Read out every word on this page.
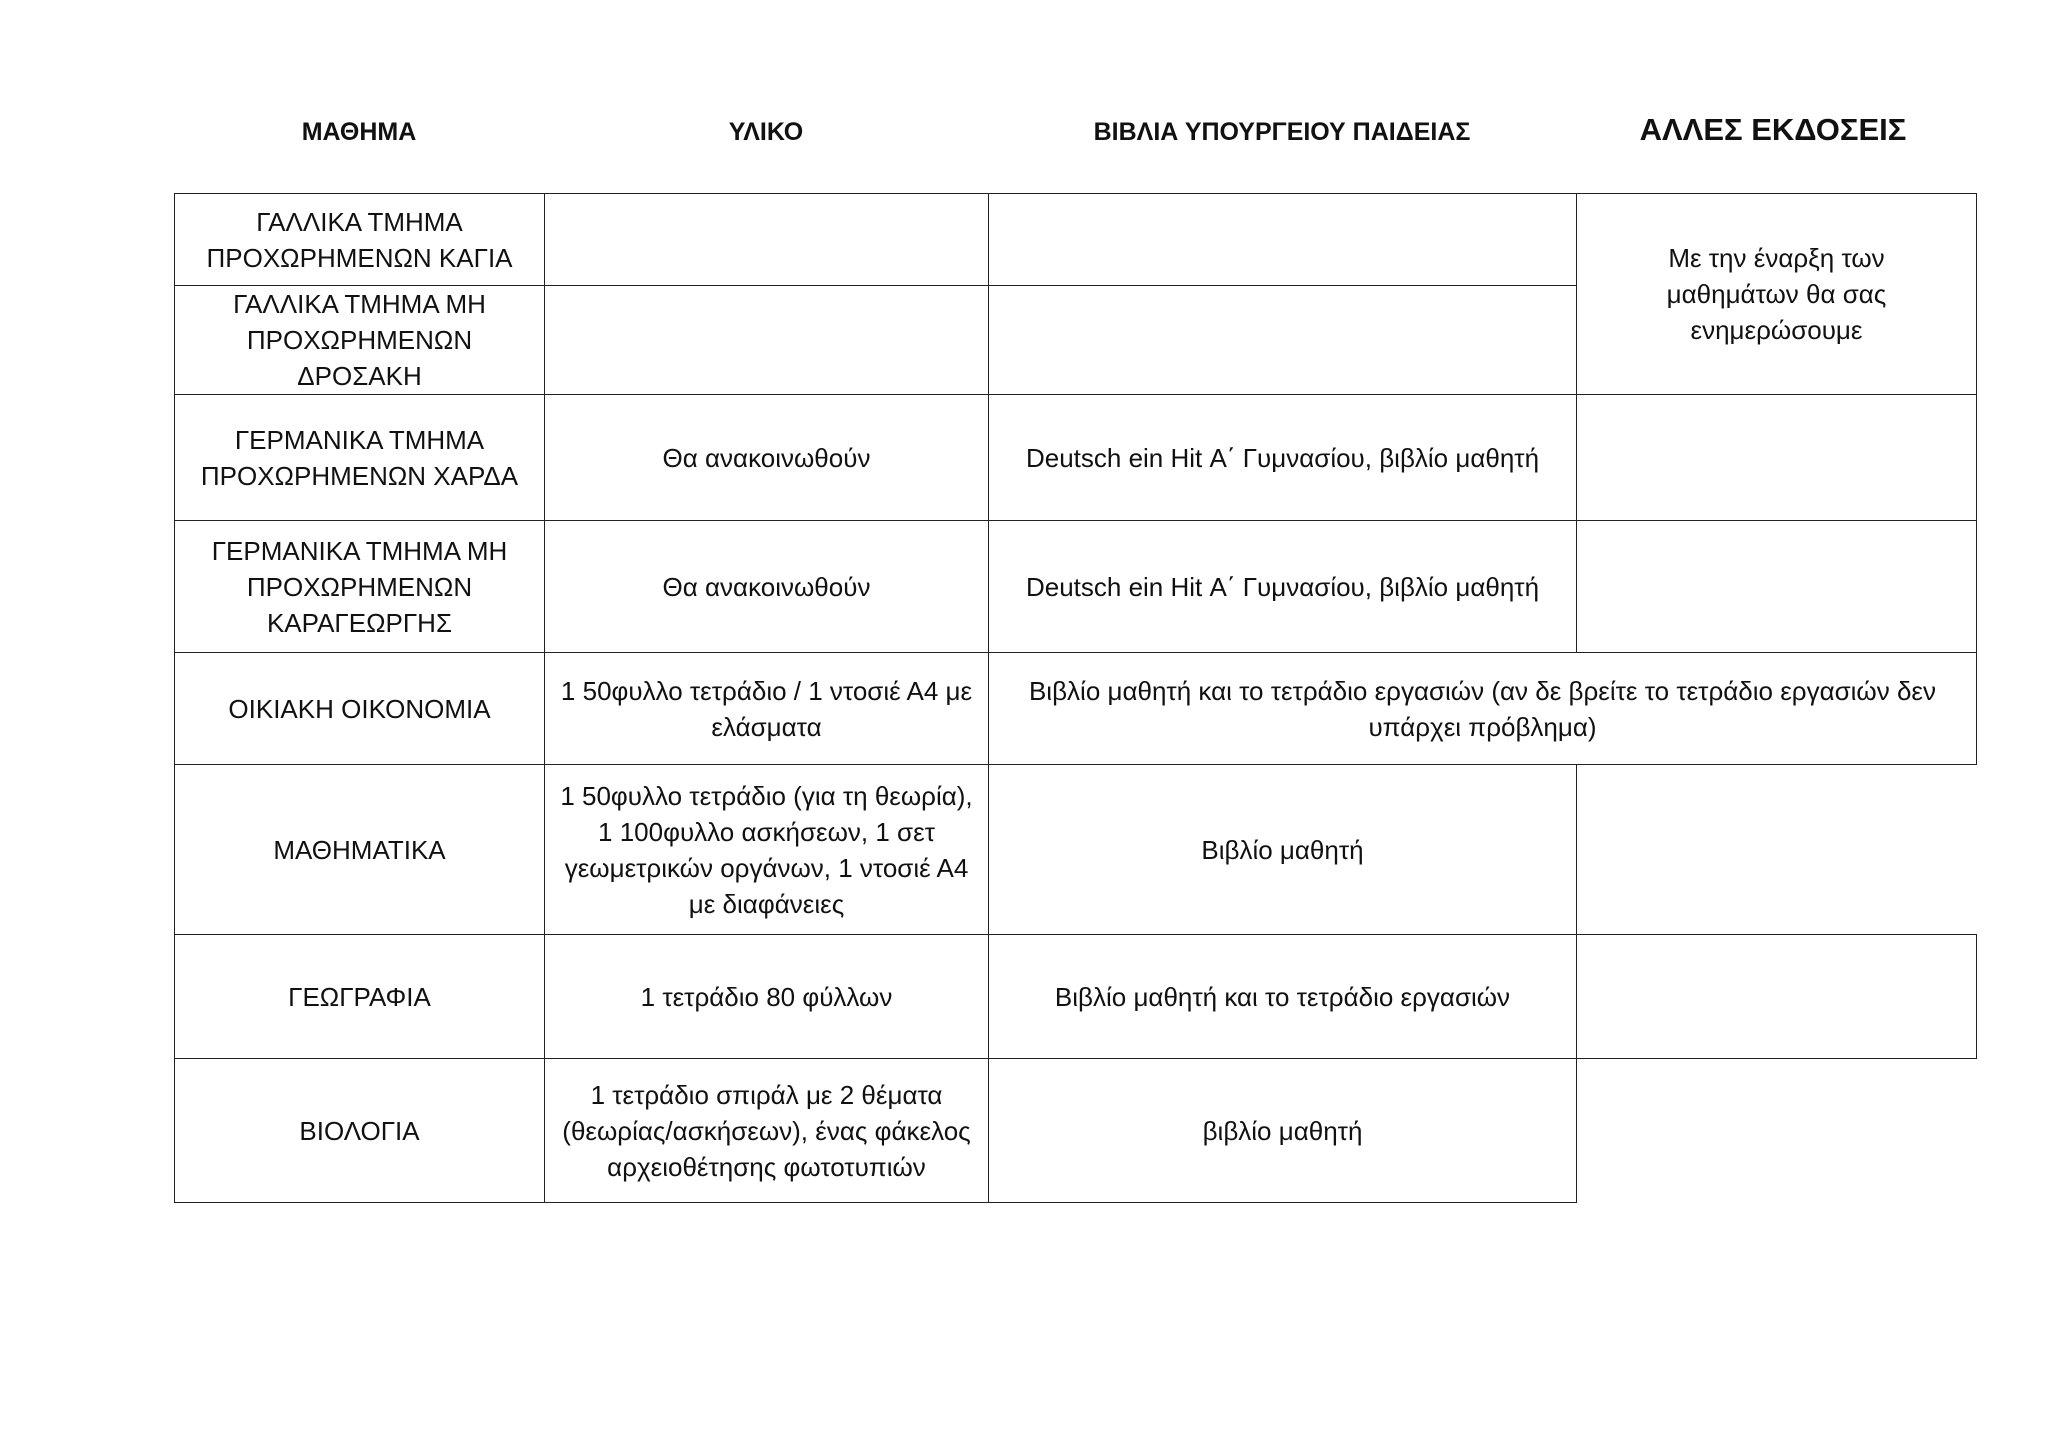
ΜΑΘΗΜΑ	ΥΛΙΚΟ	ΒΙΒΛΙΑ ΥΠΟΥΡΓΕΙΟΥ ΠΑΙΔΕΙΑΣ	ΑΛΛΕΣ ΕΚΔΟΣΕΙΣ
ΓΑΛΛΙΚΑ ΤΜΗΜΑ ΠΡΟΧΩΡΗΜΕΝΩΝ ΚΑΓΙΑ			Με την έναρξη των μαθημάτων θα σας ενημερώσουμε
ΓΑΛΛΙΚΑ ΤΜΗΜΑ ΜΗ ΠΡΟΧΩΡΗΜΕΝΩΝ ΔΡΟΣΑΚΗ			
ΓΕΡΜΑΝΙΚΑ ΤΜΗΜΑ ΠΡΟΧΩΡΗΜΕΝΩΝ ΧΑΡΔΑ	Θα ανακοινωθούν	Deutsch ein Hit Α΄ Γυμνασίου, βιβλίο μαθητή	
ΓΕΡΜΑΝΙΚΑ ΤΜΗΜΑ ΜΗ ΠΡΟΧΩΡΗΜΕΝΩΝ ΚΑΡΑΓΕΩΡΓΗΣ	Θα ανακοινωθούν	Deutsch ein Hit Α΄ Γυμνασίου, βιβλίο μαθητή	
ΟΙΚΙΑΚΗ ΟΙΚΟΝΟΜΙΑ	1 50φυλλο τετράδιο / 1 ντοσιέ Α4 με ελάσματα	Βιβλίο μαθητή και το τετράδιο εργασιών (αν δε βρείτε το τετράδιο εργασιών δεν υπάρχει πρόβλημα)	
ΜΑΘΗΜΑΤΙΚΑ	1 50φυλλο τετράδιο (για τη θεωρία), 1 100φυλλο ασκήσεων, 1 σετ γεωμετρικών οργάνων, 1 ντοσιέ Α4 με διαφάνειες	Βιβλίο μαθητή	
ΓΕΩΓΡΑΦΙΑ	1 τετράδιο 80 φύλλων	Βιβλίο μαθητή και το τετράδιο εργασιών	
ΒΙΟΛΟΓΙΑ	1 τετράδιο σπιράλ με 2 θέματα (θεωρίας/ασκήσεων), ένας φάκελος αρχειοθέτησης φωτοτυπιών	βιβλίο μαθητή	
